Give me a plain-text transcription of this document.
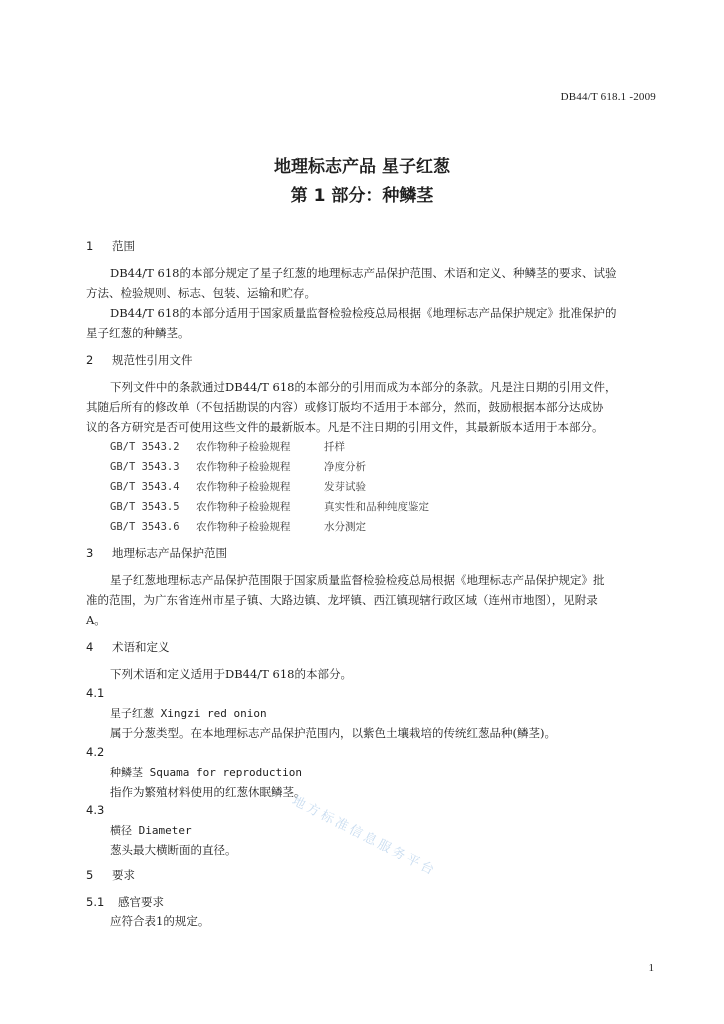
DB44/T 618.1 -2009
地理标志产品 星子红葱
第 1 部分：种鳞茎
1 范围
DB44/T 618的本部分规定了星子红葱的地理标志产品保护范围、术语和定义、种鳞茎的要求、试验
方法、检验规则、标志、包装、运输和贮存。
DB44/T 618的本部分适用于国家质量监督检验检疫总局根据《地理标志产品保护规定》批准保护的
星子红葱的种鳞茎。
2 规范性引用文件
下列文件中的条款通过DB44/T 618的本部分的引用而成为本部分的条款。凡是注日期的引用文件，
其随后所有的修改单（不包括勘误的内容）或修订版均不适用于本部分，然而，鼓励根据本部分达成协
议的各方研究是否可使用这些文件的最新版本。凡是不注日期的引用文件，其最新版本适用于本部分。
GB/T 3543.2 农作物种子检验规程	扦样
GB/T 3543.3 农作物种子检验规程	净度分析
GB/T 3543.4 农作物种子检验规程	发芽试验
GB/T 3543.5 农作物种子检验规程	真实性和品种纯度鉴定
GB/T 3543.6 农作物种子检验规程	水分测定
3 地理标志产品保护范围
星子红葱地理标志产品保护范围限于国家质量监督检验检疫总局根据《地理标志产品保护规定》批
准的范围，为广东省连州市星子镇、大路边镇、龙坪镇、西江镇现辖行政区域（连州市地图），见附录
A。
4 术语和定义
下列术语和定义适用于DB44/T 618的本部分。
4.1
星子红葱 Xingzi red onion
属于分葱类型。在本地理标志产品保护范围内，以紫色土壤栽培的传统红葱品种(鳞茎)。
4.2
种鳞茎 Squama for reproduction
指作为繁殖材料使用的红葱休眠鳞茎。
4.3
横径 Diameter
葱头最大横断面的直径。
5 要求
5.1 感官要求
应符合表1的规定。
地方标准信息服务平台
1
